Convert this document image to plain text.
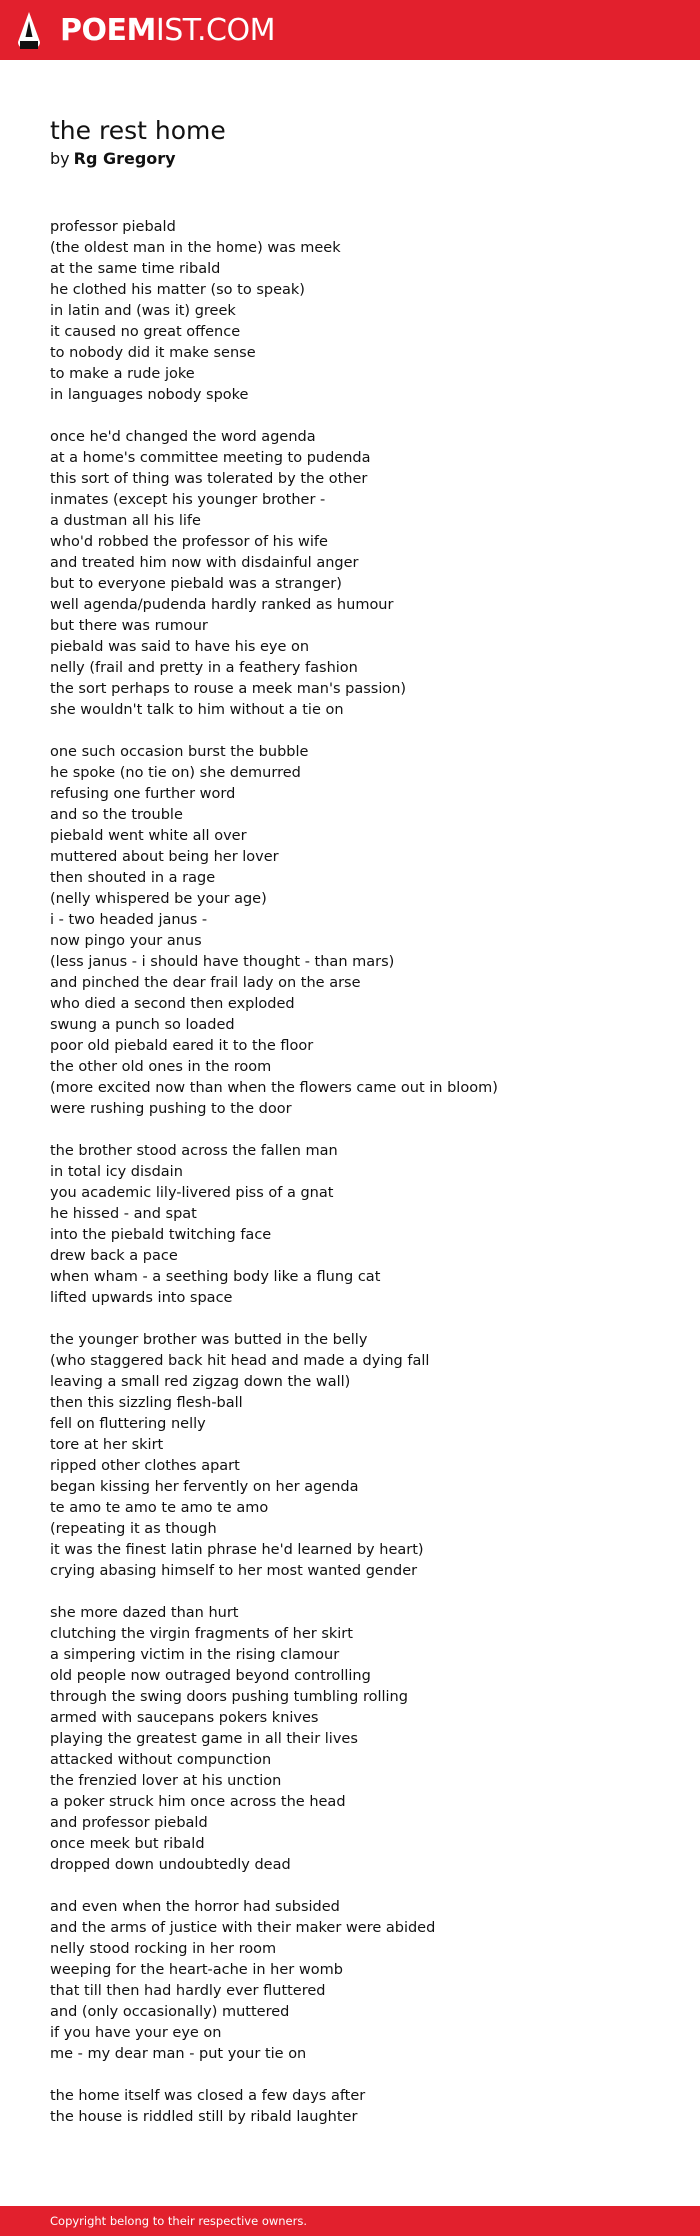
POEMIST.COM
the rest home
by Rg Gregory
professor piebald
(the oldest man in the home) was meek
at the same time ribald
he clothed his matter (so to speak)
in latin and (was it) greek
it caused no great offence
to nobody did it make sense
to make a rude joke
in languages nobody spoke
once he'd changed the word agenda
at a home's committee meeting to pudenda
this sort of thing was tolerated by the other
inmates (except his younger brother -
a dustman all his life
who'd robbed the professor of his wife
and treated him now with disdainful anger
but to everyone piebald was a stranger)
well agenda/pudenda hardly ranked as humour
but there was rumour
piebald was said to have his eye on
nelly (frail and pretty in a feathery fashion
the sort perhaps to rouse a meek man's passion)
she wouldn't talk to him without a tie on
one such occasion burst the bubble
he spoke (no tie on) she demurred
refusing one further word
and so the trouble
piebald went white all over
muttered about being her lover
then shouted in a rage
(nelly whispered be your age)
i - two headed janus -
now pingo your anus
(less janus - i should have thought - than mars)
and pinched the dear frail lady on the arse
who died a second then exploded
swung a punch so loaded
poor old piebald eared it to the floor
the other old ones in the room
(more excited now than when the flowers came out in bloom)
were rushing pushing to the door
the brother stood across the fallen man
in total icy disdain
you academic lily-livered piss of a gnat
he hissed - and spat
into the piebald twitching face
drew back a pace
when wham - a seething body like a flung cat
lifted upwards into space
the younger brother was butted in the belly
(who staggered back hit head and made a dying fall
leaving a small red zigzag down the wall)
then this sizzling flesh-ball
fell on fluttering nelly
tore at her skirt
ripped other clothes apart
began kissing her fervently on her agenda
te amo te amo te amo te amo
(repeating it as though
it was the finest latin phrase he'd learned by heart)
crying abasing himself to her most wanted gender
she more dazed than hurt
clutching the virgin fragments of her skirt
a simpering victim in the rising clamour
old people now outraged beyond controlling
through the swing doors pushing tumbling rolling
armed with saucepans pokers knives
playing the greatest game in all their lives
attacked without compunction
the frenzied lover at his unction
a poker struck him once across the head
and professor piebald
once meek but ribald
dropped down undoubtedly dead
and even when the horror had subsided
and the arms of justice with their maker were abided
nelly stood rocking in her room
weeping for the heart-ache in her womb
that till then had hardly ever fluttered
and (only occasionally) muttered
if you have your eye on
me - my dear man - put your tie on
the home itself was closed a few days after
the house is riddled still by ribald laughter
Copyright belong to their respective owners.
